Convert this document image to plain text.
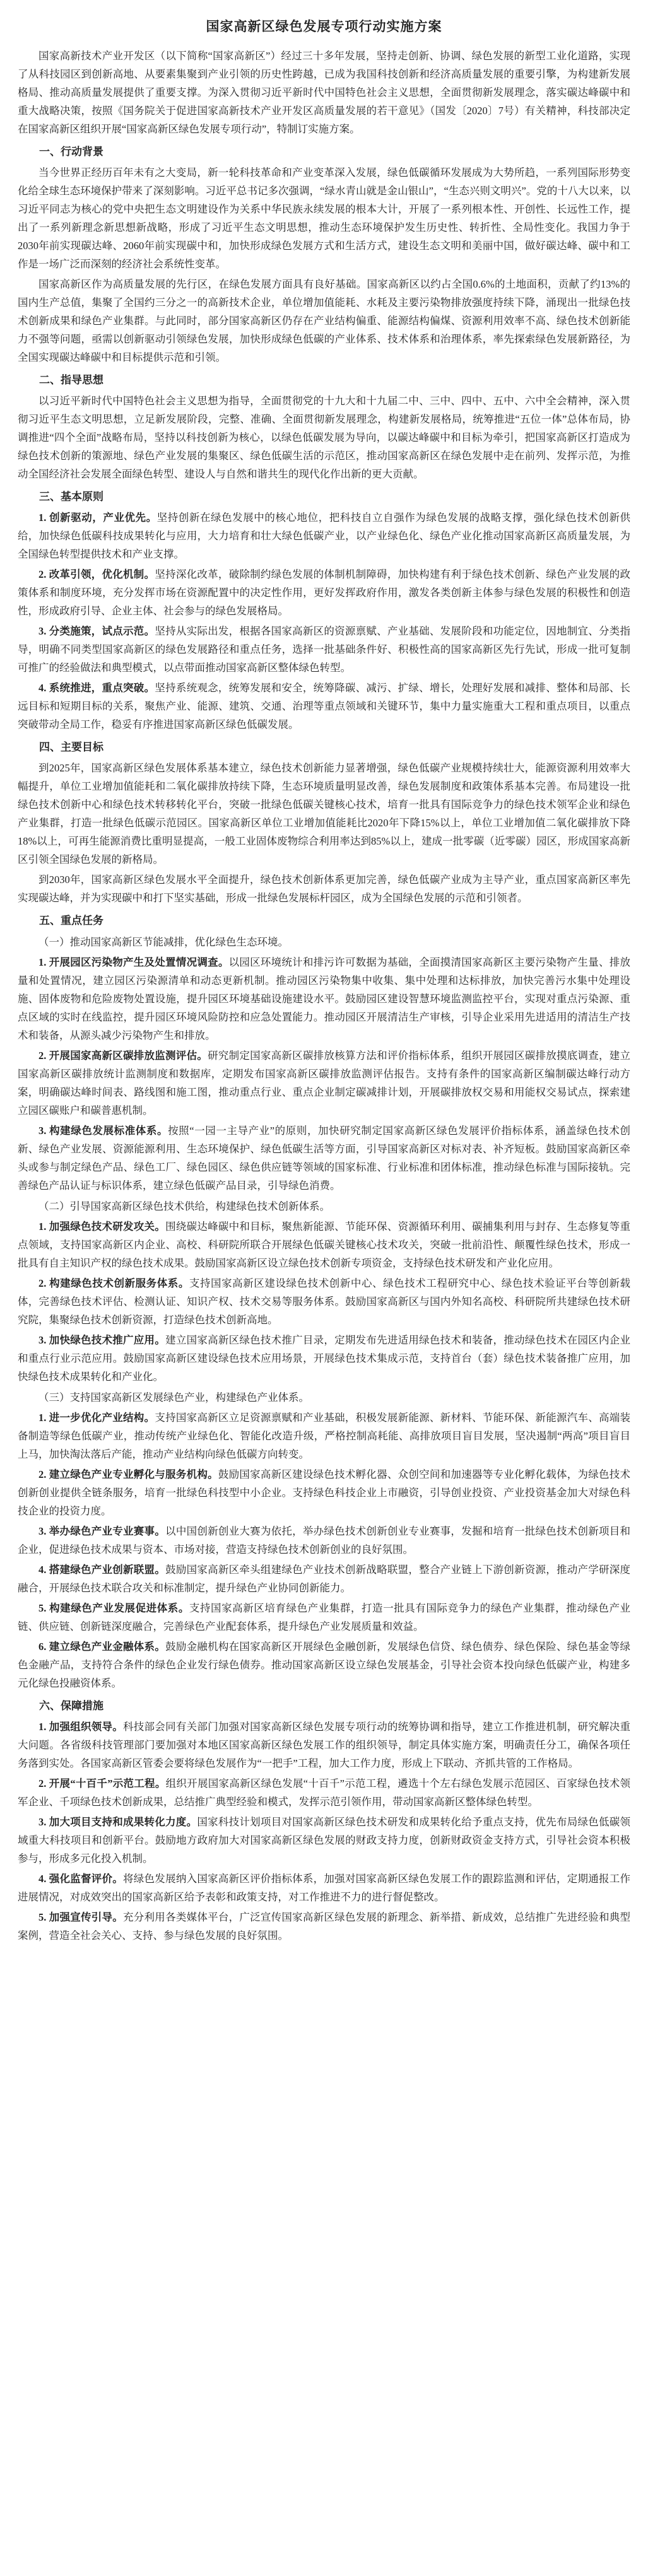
国家高新区绿色发展专项行动实施方案

国家高新技术产业开发区（以下简称“国家高新区”）经过三十多年发展，坚持走创新、协调、绿色发展的新型工业化道路，实现了从科技园区到创新高地、从要素集聚到产业引领的历史性跨越，已成为我国科技创新和经济高质量发展的重要引擎，为构建新发展格局、推动高质量发展提供了重要支撑。为深入贯彻习近平新时代中国特色社会主义思想，全面贯彻新发展理念，落实碳达峰碳中和重大战略决策，按照《国务院关于促进国家高新技术产业开发区高质量发展的若干意见》（国发〔2020〕7号）有关精神，科技部决定在国家高新区组织开展“国家高新区绿色发展专项行动”，特制订实施方案。

一、行动背景

当今世界正经历百年未有之大变局，新一轮科技革命和产业变革深入发展，绿色低碳循环发展成为大势所趋，一系列国际形势变化给全球生态环境保护带来了深刻影响。习近平总书记多次强调，“绿水青山就是金山银山”，“生态兴则文明兴”。党的十八大以来，以习近平同志为核心的党中央把生态文明建设作为关系中华民族永续发展的根本大计，开展了一系列根本性、开创性、长远性工作，提出了一系列新理念新思想新战略，形成了习近平生态文明思想，推动生态环境保护发生历史性、转折性、全局性变化。我国力争于2030年前实现碳达峰、2060年前实现碳中和，加快形成绿色发展方式和生活方式，建设生态文明和美丽中国，做好碳达峰、碳中和工作是一场广泛而深刻的经济社会系统性变革。

国家高新区作为高质量发展的先行区，在绿色发展方面具有良好基础。国家高新区以约占全国0.6%的土地面积，贡献了约13%的国内生产总值，集聚了全国约三分之一的高新技术企业，单位增加值能耗、水耗及主要污染物排放强度持续下降，涌现出一批绿色技术创新成果和绿色产业集群。与此同时，部分国家高新区仍存在产业结构偏重、能源结构偏煤、资源利用效率不高、绿色技术创新能力不强等问题，亟需以创新驱动引领绿色发展，加快形成绿色低碳的产业体系、技术体系和治理体系，率先探索绿色发展新路径，为全国实现碳达峰碳中和目标提供示范和引领。

二、指导思想

以习近平新时代中国特色社会主义思想为指导，全面贯彻党的十九大和十九届二中、三中、四中、五中、六中全会精神，深入贯彻习近平生态文明思想，立足新发展阶段，完整、准确、全面贯彻新发展理念，构建新发展格局，统筹推进“五位一体”总体布局，协调推进“四个全面”战略布局，坚持以科技创新为核心，以绿色低碳发展为导向，以碳达峰碳中和目标为牵引，把国家高新区打造成为绿色技术创新的策源地、绿色产业发展的集聚区、绿色低碳生活的示范区，推动国家高新区在绿色发展中走在前列、发挥示范，为推动全国经济社会发展全面绿色转型、建设人与自然和谐共生的现代化作出新的更大贡献。

三、基本原则

1. 创新驱动，产业优先。坚持创新在绿色发展中的核心地位，把科技自立自强作为绿色发展的战略支撑，强化绿色技术创新供给，加快绿色低碳科技成果转化与应用，大力培育和壮大绿色低碳产业，以产业绿色化、绿色产业化推动国家高新区高质量发展，为全国绿色转型提供技术和产业支撑。

2. 改革引领，优化机制。坚持深化改革，破除制约绿色发展的体制机制障碍，加快构建有利于绿色技术创新、绿色产业发展的政策体系和制度环境，充分发挥市场在资源配置中的决定性作用，更好发挥政府作用，激发各类创新主体参与绿色发展的积极性和创造性，形成政府引导、企业主体、社会参与的绿色发展格局。

3. 分类施策，试点示范。坚持从实际出发，根据各国家高新区的资源禀赋、产业基础、发展阶段和功能定位，因地制宜、分类指导，明确不同类型国家高新区的绿色发展路径和重点任务，选择一批基础条件好、积极性高的国家高新区先行先试，形成一批可复制可推广的经验做法和典型模式，以点带面推动国家高新区整体绿色转型。

4. 系统推进，重点突破。坚持系统观念，统筹发展和安全，统筹降碳、减污、扩绿、增长，处理好发展和减排、整体和局部、长远目标和短期目标的关系，聚焦产业、能源、建筑、交通、治理等重点领域和关键环节，集中力量实施重大工程和重点项目，以重点突破带动全局工作，稳妥有序推进国家高新区绿色低碳发展。

四、主要目标

到2025年，国家高新区绿色发展体系基本建立，绿色技术创新能力显著增强，绿色低碳产业规模持续壮大，能源资源利用效率大幅提升，单位工业增加值能耗和二氧化碳排放持续下降，生态环境质量明显改善，绿色发展制度和政策体系基本完善。布局建设一批绿色技术创新中心和绿色技术转移转化平台，突破一批绿色低碳关键核心技术，培育一批具有国际竞争力的绿色技术领军企业和绿色产业集群，打造一批绿色低碳示范园区。国家高新区单位工业增加值能耗比2020年下降15%以上，单位工业增加值二氧化碳排放下降18%以上，可再生能源消费比重明显提高，一般工业固体废物综合利用率达到85%以上，建成一批零碳（近零碳）园区，形成国家高新区引领全国绿色发展的新格局。

到2030年，国家高新区绿色发展水平全面提升，绿色技术创新体系更加完善，绿色低碳产业成为主导产业，重点国家高新区率先实现碳达峰，并为实现碳中和打下坚实基础，形成一批绿色发展标杆园区，成为全国绿色发展的示范和引领者。

五、重点任务
（一）推动国家高新区节能减排，优化绿色生态环境。

1. 开展园区污染物产生及处置情况调查。以园区环境统计和排污许可数据为基础，全面摸清国家高新区主要污染物产生量、排放量和处置情况，建立园区污染源清单和动态更新机制。推动园区污染物集中收集、集中处理和达标排放，加快完善污水集中处理设施、固体废物和危险废物处置设施，提升园区环境基础设施建设水平。鼓励园区建设智慧环境监测监控平台，实现对重点污染源、重点区域的实时在线监控，提升园区环境风险防控和应急处置能力。推动园区开展清洁生产审核，引导企业采用先进适用的清洁生产技术和装备，从源头减少污染物产生和排放。

2. 开展国家高新区碳排放监测评估。研究制定国家高新区碳排放核算方法和评价指标体系，组织开展园区碳排放摸底调查，建立国家高新区碳排放统计监测制度和数据库，定期发布国家高新区碳排放监测评估报告。支持有条件的国家高新区编制碳达峰行动方案，明确碳达峰时间表、路线图和施工图，推动重点行业、重点企业制定碳减排计划，开展碳排放权交易和用能权交易试点，探索建立园区碳账户和碳普惠机制。

3. 构建绿色发展标准体系。按照“一园一主导产业”的原则，加快研究制定国家高新区绿色发展评价指标体系，涵盖绿色技术创新、绿色产业发展、资源能源利用、生态环境保护、绿色低碳生活等方面，引导国家高新区对标对表、补齐短板。鼓励国家高新区牵头或参与制定绿色产品、绿色工厂、绿色园区、绿色供应链等领域的国家标准、行业标准和团体标准，推动绿色标准与国际接轨。完善绿色产品认证与标识体系，建立绿色低碳产品目录，引导绿色消费。

（二）引导国家高新区绿色技术供给，构建绿色技术创新体系。

1. 加强绿色技术研发攻关。围绕碳达峰碳中和目标，聚焦新能源、节能环保、资源循环利用、碳捕集利用与封存、生态修复等重点领域，支持国家高新区内企业、高校、科研院所联合开展绿色低碳关键核心技术攻关，突破一批前沿性、颠覆性绿色技术，形成一批具有自主知识产权的绿色技术成果。鼓励国家高新区设立绿色技术创新专项资金，支持绿色技术研发和产业化应用。

2. 构建绿色技术创新服务体系。支持国家高新区建设绿色技术创新中心、绿色技术工程研究中心、绿色技术验证平台等创新载体，完善绿色技术评估、检测认证、知识产权、技术交易等服务体系。鼓励国家高新区与国内外知名高校、科研院所共建绿色技术研究院，集聚绿色技术创新资源，打造绿色技术创新高地。

3. 加快绿色技术推广应用。建立国家高新区绿色技术推广目录，定期发布先进适用绿色技术和装备，推动绿色技术在园区内企业和重点行业示范应用。鼓励国家高新区建设绿色技术应用场景，开展绿色技术集成示范，支持首台（套）绿色技术装备推广应用，加快绿色技术成果转化和产业化。

（三）支持国家高新区发展绿色产业，构建绿色产业体系。

1. 进一步优化产业结构。支持国家高新区立足资源禀赋和产业基础，积极发展新能源、新材料、节能环保、新能源汽车、高端装备制造等绿色低碳产业，推动传统产业绿色化、智能化改造升级，严格控制高耗能、高排放项目盲目发展，坚决遏制“两高”项目盲目上马，加快淘汰落后产能，推动产业结构向绿色低碳方向转变。

2. 建立绿色产业专业孵化与服务机构。鼓励国家高新区建设绿色技术孵化器、众创空间和加速器等专业化孵化载体，为绿色技术创新创业提供全链条服务，培育一批绿色科技型中小企业。支持绿色科技企业上市融资，引导创业投资、产业投资基金加大对绿色科技企业的投资力度。

3. 举办绿色产业专业赛事。以中国创新创业大赛为依托，举办绿色技术创新创业专业赛事，发掘和培育一批绿色技术创新项目和企业，促进绿色技术成果与资本、市场对接，营造支持绿色技术创新创业的良好氛围。

4. 搭建绿色产业创新联盟。鼓励国家高新区牵头组建绿色产业技术创新战略联盟，整合产业链上下游创新资源，推动产学研深度融合，开展绿色技术联合攻关和标准制定，提升绿色产业协同创新能力。

5. 构建绿色产业发展促进体系。支持国家高新区培育绿色产业集群，打造一批具有国际竞争力的绿色产业集群，推动绿色产业链、供应链、创新链深度融合，完善绿色产业配套体系，提升绿色产业发展质量和效益。

6. 建立绿色产业金融体系。鼓励金融机构在国家高新区开展绿色金融创新，发展绿色信贷、绿色债券、绿色保险、绿色基金等绿色金融产品，支持符合条件的绿色企业发行绿色债券。推动国家高新区设立绿色发展基金，引导社会资本投向绿色低碳产业，构建多元化绿色投融资体系。

六、保障措施

1. 加强组织领导。科技部会同有关部门加强对国家高新区绿色发展专项行动的统筹协调和指导，建立工作推进机制，研究解决重大问题。各省级科技管理部门要加强对本地区国家高新区绿色发展工作的组织领导，制定具体实施方案，明确责任分工，确保各项任务落到实处。各国家高新区管委会要将绿色发展作为“一把手”工程，加大工作力度，形成上下联动、齐抓共管的工作格局。

2. 开展“十百千”示范工程。组织开展国家高新区绿色发展“十百千”示范工程，遴选十个左右绿色发展示范园区、百家绿色技术领军企业、千项绿色技术创新成果，总结推广典型经验和模式，发挥示范引领作用，带动国家高新区整体绿色转型。

3. 加大项目支持和成果转化力度。国家科技计划项目对国家高新区绿色技术研发和成果转化给予重点支持，优先布局绿色低碳领域重大科技项目和创新平台。鼓励地方政府加大对国家高新区绿色发展的财政支持力度，创新财政资金支持方式，引导社会资本积极参与，形成多元化投入机制。

4. 强化监督评价。将绿色发展纳入国家高新区评价指标体系，加强对国家高新区绿色发展工作的跟踪监测和评估，定期通报工作进展情况，对成效突出的国家高新区给予表彰和政策支持，对工作推进不力的进行督促整改。

5. 加强宣传引导。充分利用各类媒体平台，广泛宣传国家高新区绿色发展的新理念、新举措、新成效，总结推广先进经验和典型案例，营造全社会关心、支持、参与绿色发展的良好氛围。
